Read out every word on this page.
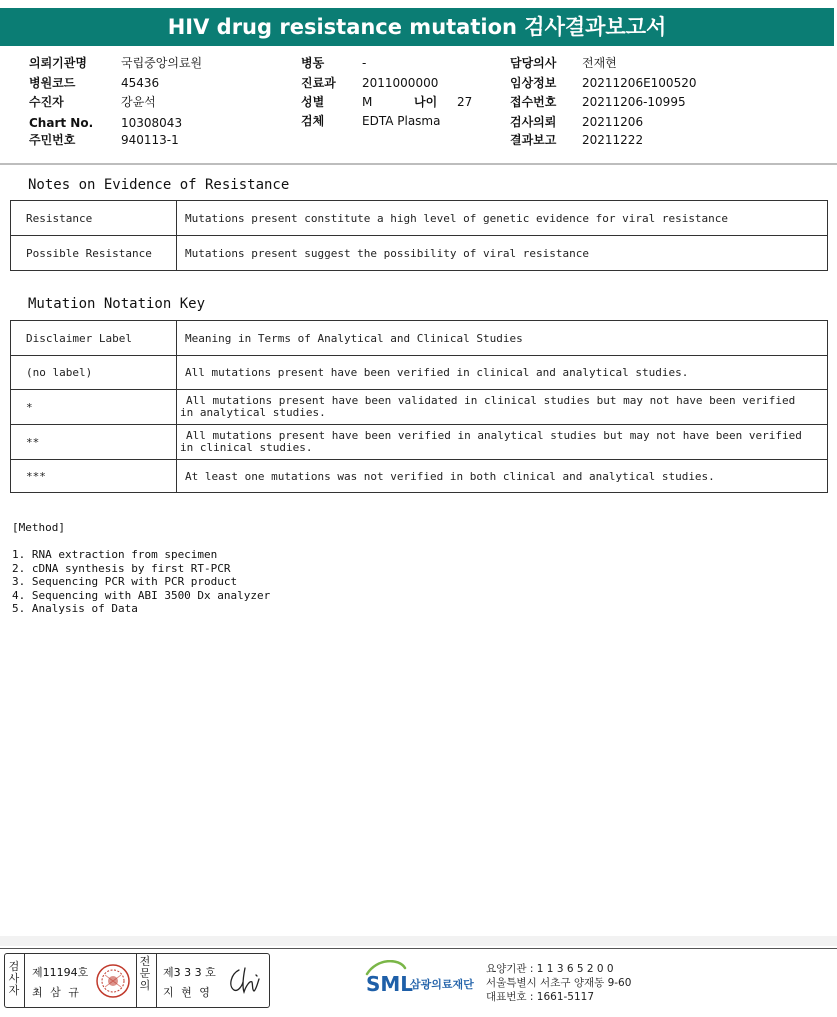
HIV drug resistance mutation 검사결과보고서
의뢰기관명	국립중앙의료원
병원코드	45436
수진자	강윤석
Chart No. 10308043
주민번호	940113-1
병동	-
진료과 2011000000
성별	M	나이 27
검체	EDTA Plasma
담당의사 전재현
임상정보 20211206E100520
접수번호 20211206-10995
검사의뢰 20211206
결과보고 20211222
Notes on Evidence of Resistance
Resistance	Mutations present constitute a high level of genetic evidence for viral resistance
Possible Resistance	Mutations present suggest the possibility of viral resistance
Mutation Notation Key
Disclaimer Label	Meaning in Terms of Analytical and Clinical Studies

(no label)	All mutations present have been verified in clinical and analytical studies.

*	All mutations present have been validated in clinical studies but may not have been verified
in analytical studies.

**	All mutations present have been verified in analytical studies but may not have been verified
in clinical studies.

***	At least one mutations was not verified in both clinical and analytical studies.
[Method]
1. RNA extraction from specimen
2. cDNA synthesis by first RT-PCR
3. Sequencing PCR with PCR product
4. Sequencing with ABI 3500 Dx analyzer
5. Analysis of Data
검사자
제11194호
최 삼 규
전문의
제3 3 3 호
지 현 영	SML
삼광의료재단
요양기관 : 1 1 3 6 5 2 0 0
서울특별시 서초구 양재동 9-60
대표번호 : 1661-5117
